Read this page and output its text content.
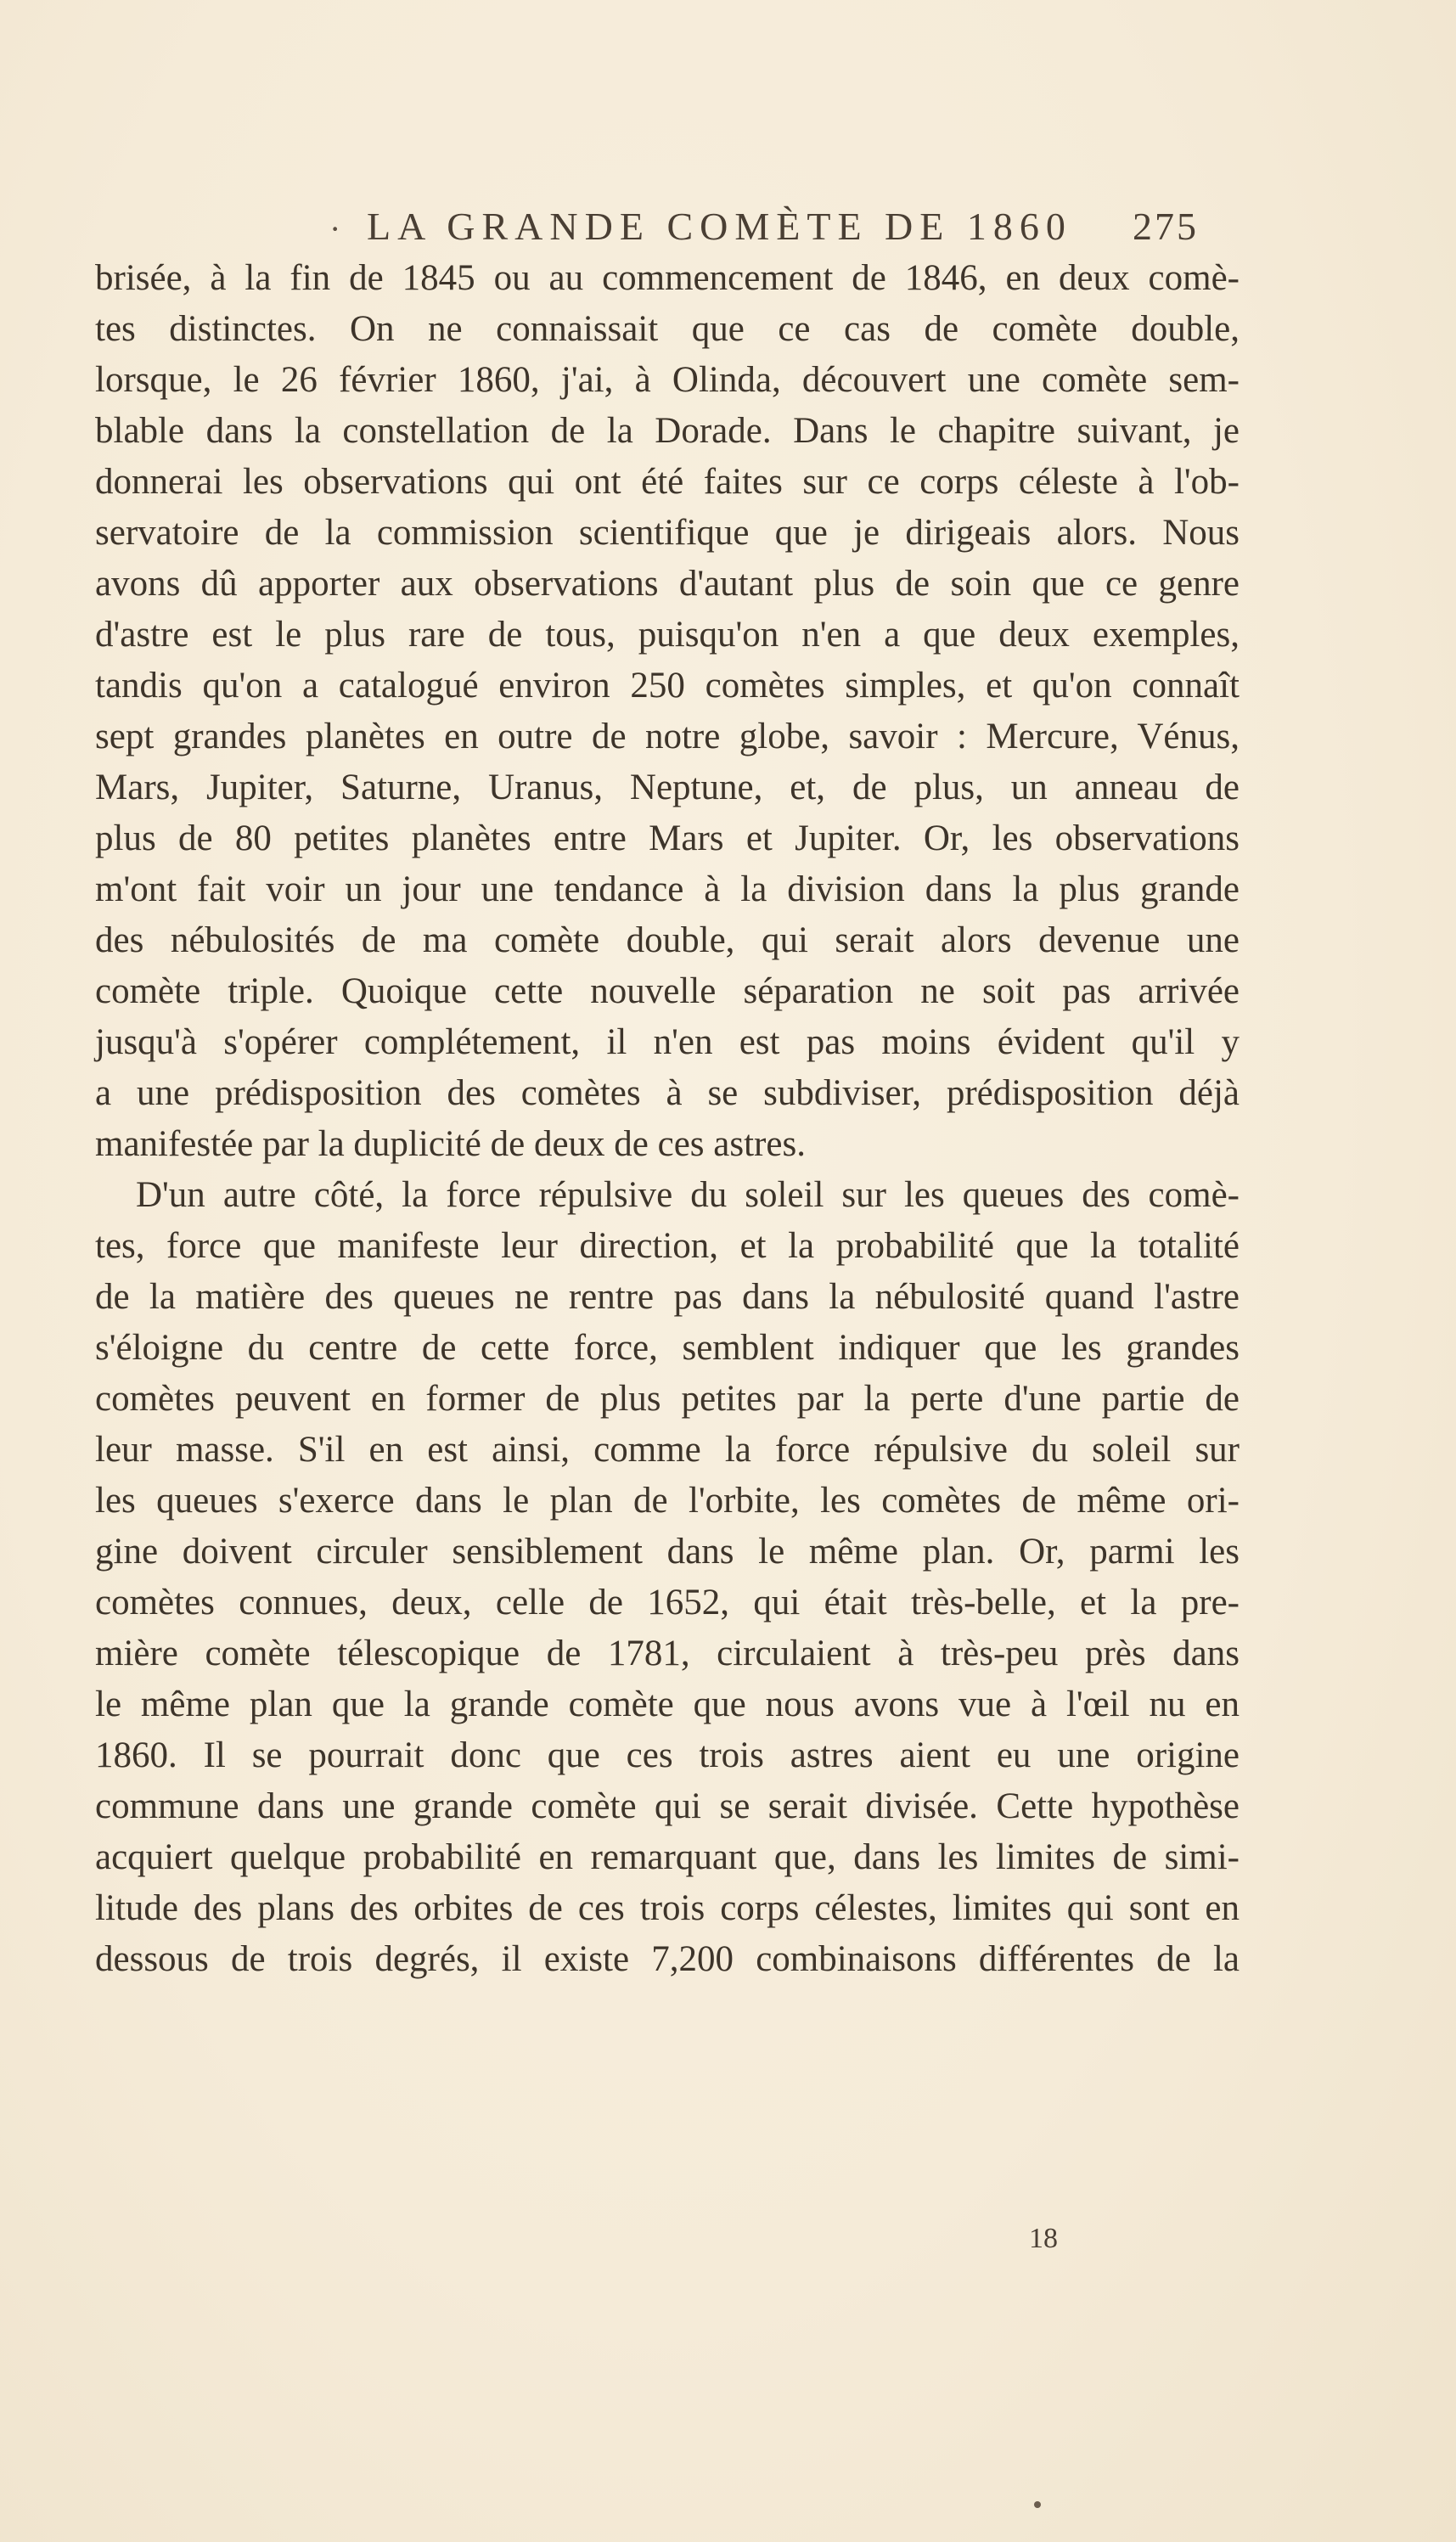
· LA GRANDE COMÈTE DE 1860 275
brisée, à la fin de 1845 ou au commencement de 1846, en deux comè-
tes distinctes. On ne connaissait que ce cas de comète double,
lorsque, le 26 février 1860, j'ai, à Olinda, découvert une comète sem-
blable dans la constellation de la Dorade. Dans le chapitre suivant, je
donnerai les observations qui ont été faites sur ce corps céleste à l'ob-
servatoire de la commission scientifique que je dirigeais alors. Nous
avons dû apporter aux observations d'autant plus de soin que ce genre
d'astre est le plus rare de tous, puisqu'on n'en a que deux exemples,
tandis qu'on a catalogué environ 250 comètes simples, et qu'on connaît
sept grandes planètes en outre de notre globe, savoir : Mercure, Vénus,
Mars, Jupiter, Saturne, Uranus, Neptune, et, de plus, un anneau de
plus de 80 petites planètes entre Mars et Jupiter. Or, les observations
m'ont fait voir un jour une tendance à la division dans la plus grande
des nébulosités de ma comète double, qui serait alors devenue une
comète triple. Quoique cette nouvelle séparation ne soit pas arrivée
jusqu'à s'opérer complétement, il n'en est pas moins évident qu'il y
a une prédisposition des comètes à se subdiviser, prédisposition déjà
manifestée par la duplicité de deux de ces astres.
D'un autre côté, la force répulsive du soleil sur les queues des comè-
tes, force que manifeste leur direction, et la probabilité que la totalité
de la matière des queues ne rentre pas dans la nébulosité quand l'astre
s'éloigne du centre de cette force, semblent indiquer que les grandes
comètes peuvent en former de plus petites par la perte d'une partie de
leur masse. S'il en est ainsi, comme la force répulsive du soleil sur
les queues s'exerce dans le plan de l'orbite, les comètes de même ori-
gine doivent circuler sensiblement dans le même plan. Or, parmi les
comètes connues, deux, celle de 1652, qui était très-belle, et la pre-
mière comète télescopique de 1781, circulaient à très-peu près dans
le même plan que la grande comète que nous avons vue à l'œil nu en
1860. Il se pourrait donc que ces trois astres aient eu une origine
commune dans une grande comète qui se serait divisée. Cette hypothèse
acquiert quelque probabilité en remarquant que, dans les limites de simi-
litude des plans des orbites de ces trois corps célestes, limites qui sont en
dessous de trois degrés, il existe 7,200 combinaisons différentes de la
18
